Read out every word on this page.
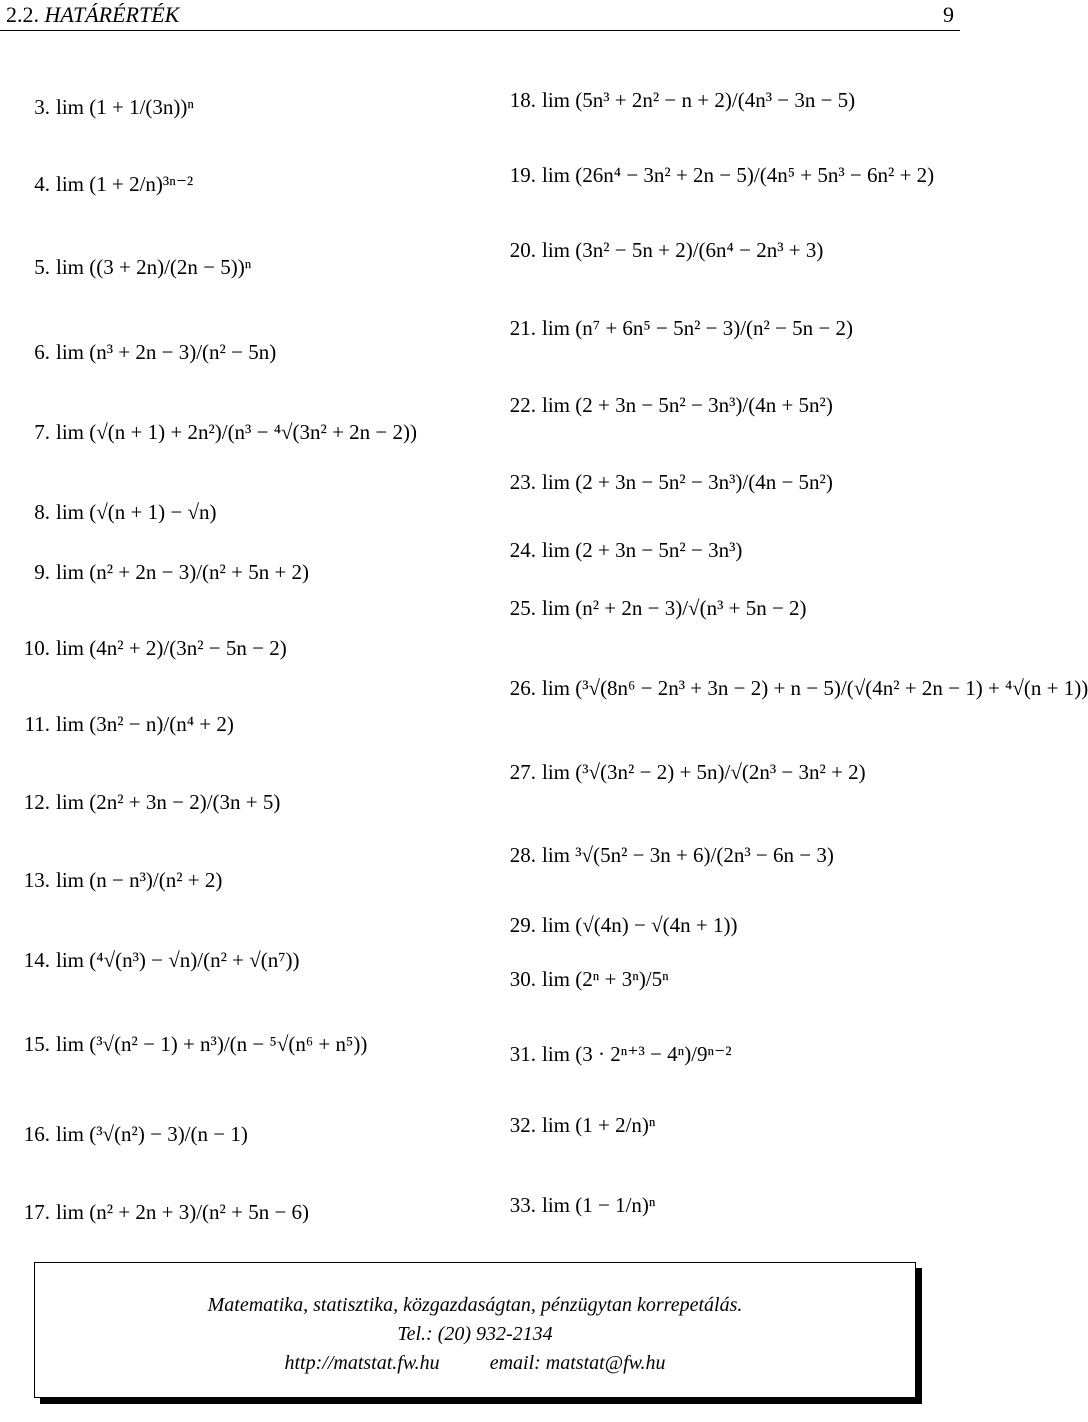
2.2. HATÁRÉRTÉK	9
3. lim (1 + 1/(3n))ⁿ
4. lim (1 + 2/n)³ⁿ⁻²
5. lim ((3 + 2n)/(2n − 5))ⁿ
6. lim (n³ + 2n − 3)/(n² − 5n)
7. lim (√(n + 1) + 2n²)/(n³ − ⁴√(3n² + 2n − 2))
8. lim (√(n + 1) − √n)
9. lim (n² + 2n − 3)/(n² + 5n + 2)
10. lim (4n² + 2)/(3n² − 5n − 2)
11. lim (3n² − n)/(n⁴ + 2)
12. lim (2n² + 3n − 2)/(3n + 5)
13. lim (n − n³)/(n² + 2)
14. lim (⁴√(n³) − √n)/(n² + √(n⁷))
15. lim (³√(n² − 1) + n³)/(n − ⁵√(n⁶ + n⁵))
16. lim (³√(n²) − 3)/(n − 1)
17. lim (n² + 2n + 3)/(n² + 5n − 6)
18. lim (5n³ + 2n² − n + 2)/(4n³ − 3n − 5)
19. lim (26n⁴ − 3n² + 2n − 5)/(4n⁵ + 5n³ − 6n² + 2)
20. lim (3n² − 5n + 2)/(6n⁴ − 2n³ + 3)
21. lim (n⁷ + 6n⁵ − 5n² − 3)/(n² − 5n − 2)
22. lim (2 + 3n − 5n² − 3n³)/(4n + 5n²)
23. lim (2 + 3n − 5n² − 3n³)/(4n − 5n²)
24. lim (2 + 3n − 5n² − 3n³)
25. lim (n² + 2n − 3)/√(n³ + 5n − 2)
26. lim (³√(8n⁶ − 2n³ + 3n − 2) + n − 5)/(√(4n² + 2n − 1) + ⁴√(n + 1))
27. lim (³√(3n² − 2) + 5n)/√(2n³ − 3n² + 2)
28. lim ³√(5n² − 3n + 6)/(2n³ − 6n − 3)
29. lim (√(4n) − √(4n + 1))
30. lim (2ⁿ + 3ⁿ)/5ⁿ
31. lim (3 · 2ⁿ⁺³ − 4ⁿ)/9ⁿ⁻²
32. lim (1 + 2/n)ⁿ
33. lim (1 − 1/n)ⁿ
Matematika, statisztika, közgazdaságtan, pénzügytan korrepetálás.
Tel.: (20) 932-2134
http://matstat.fw.hu	email: matstat@fw.hu
